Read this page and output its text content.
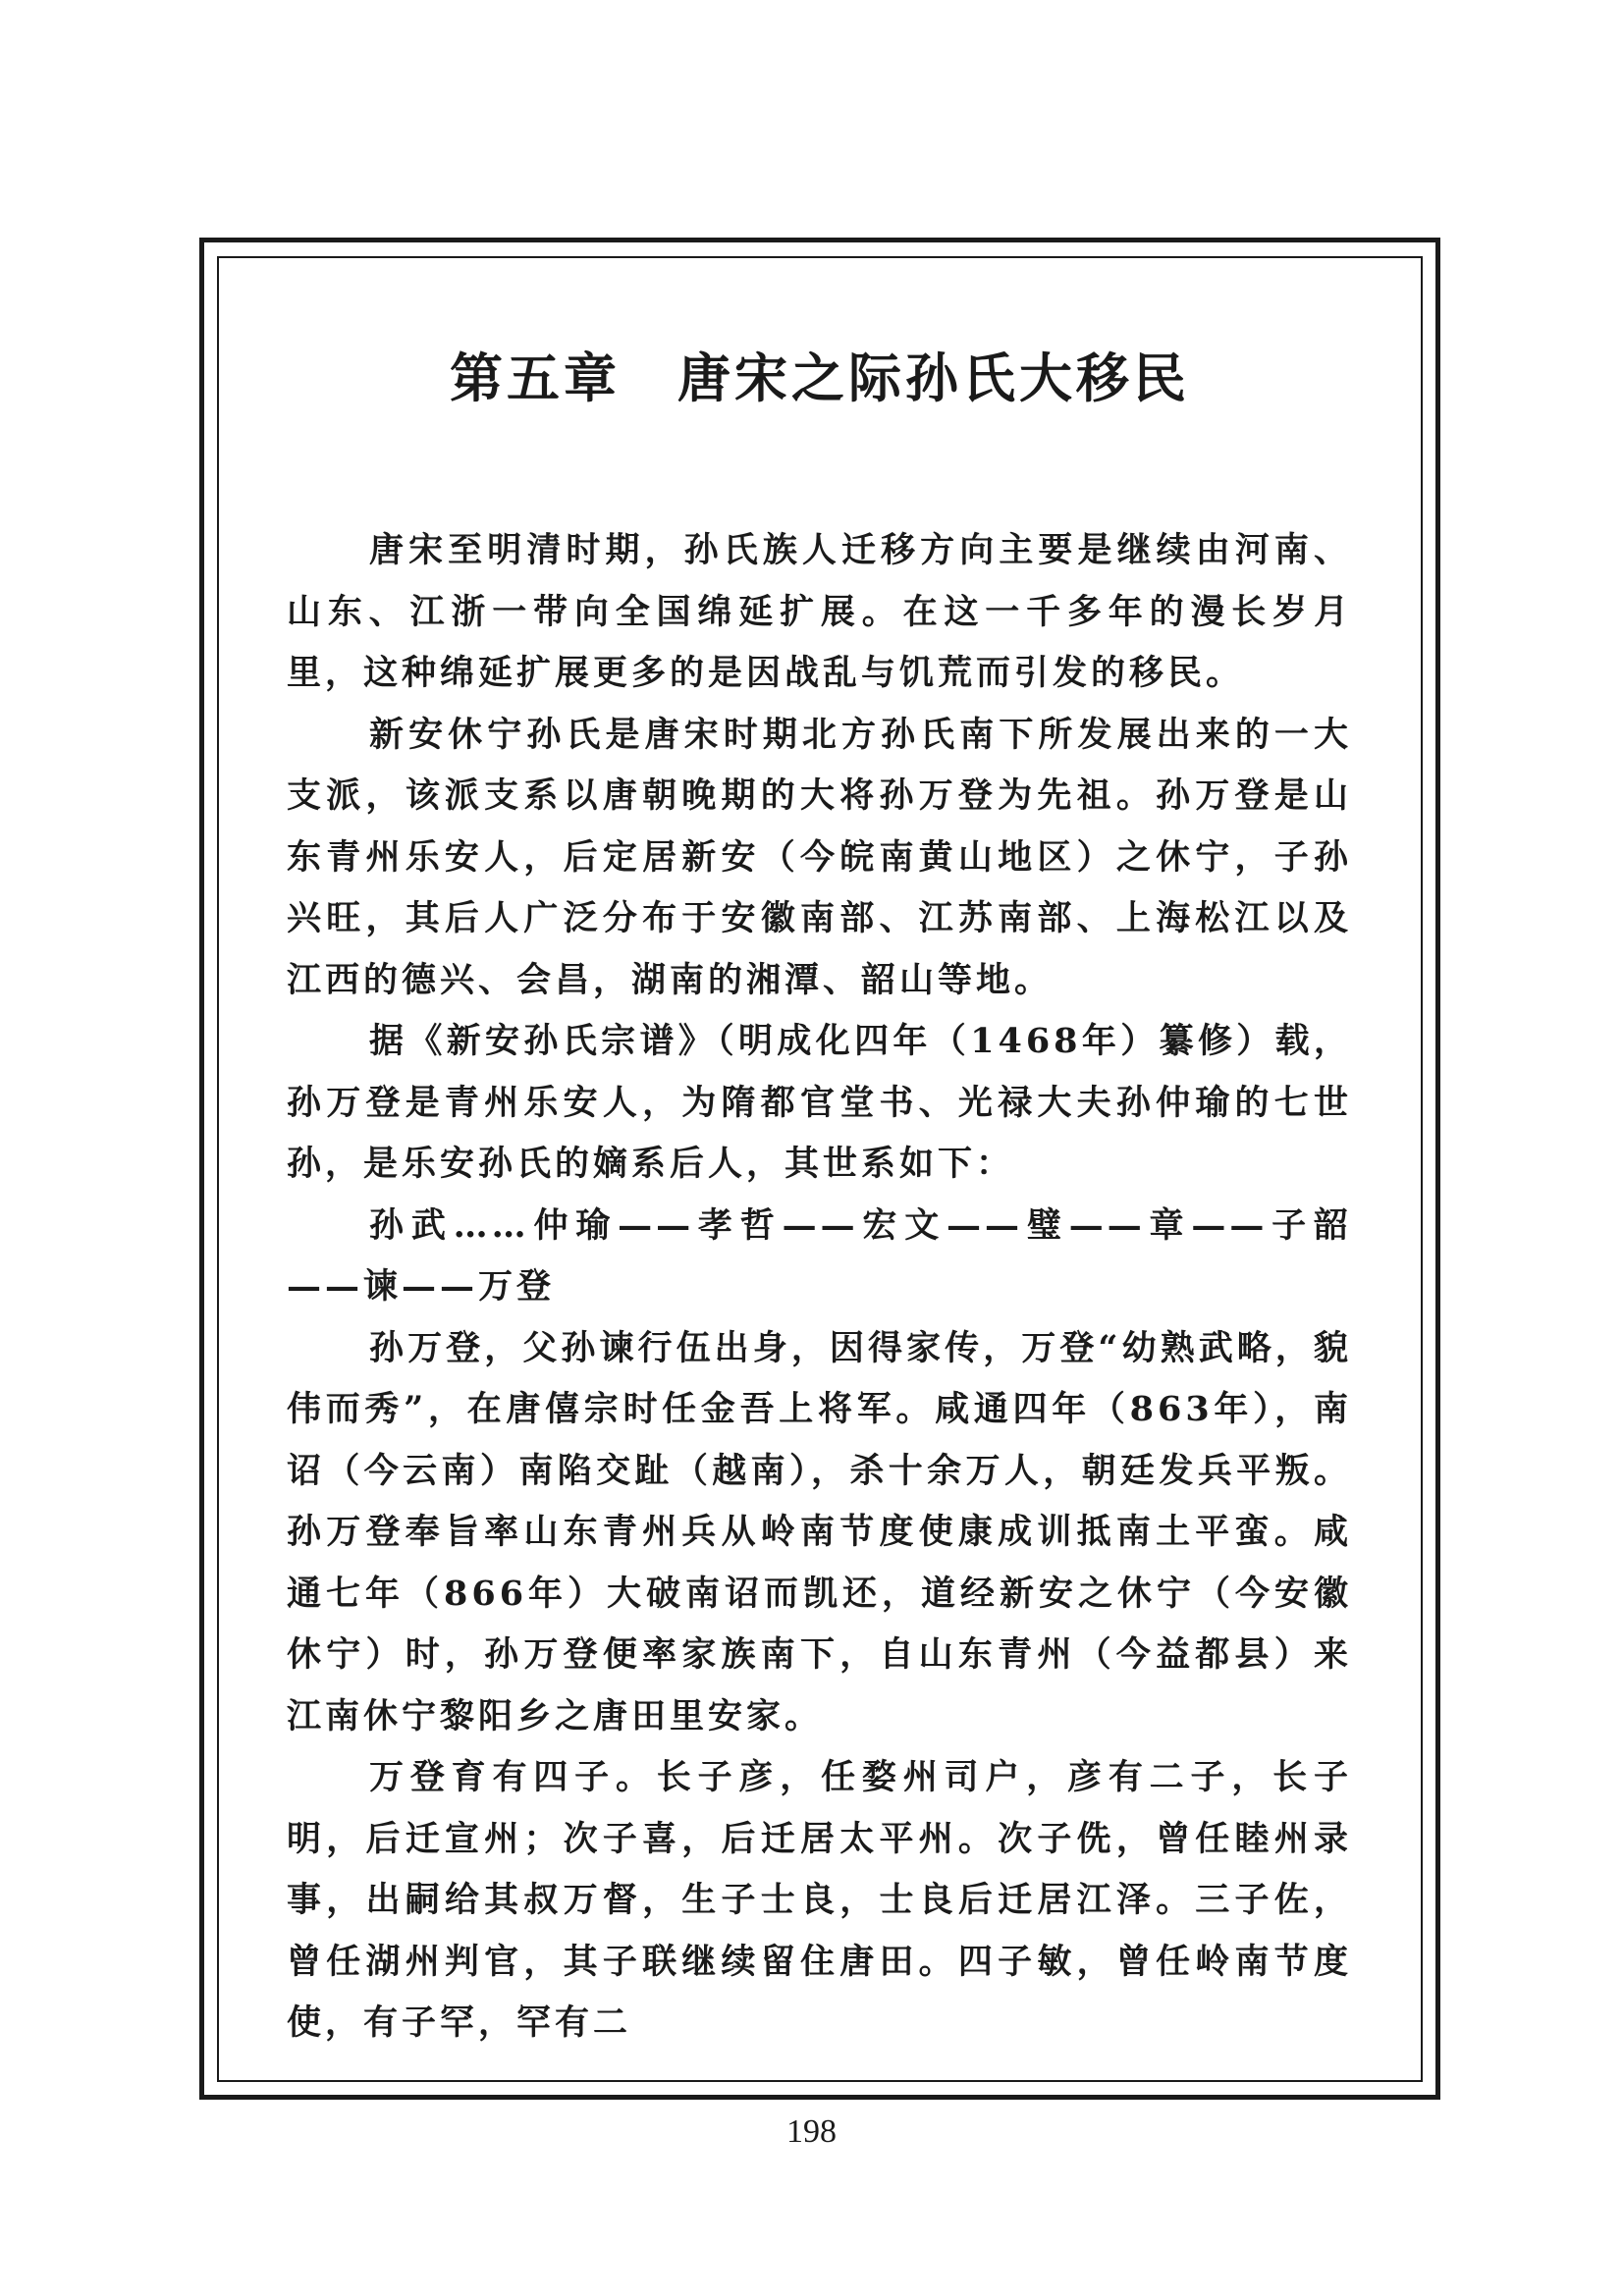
第五章　唐宋之际孙氏大移民

唐宋至明清时期，孙氏族人迁移方向主要是继续由河南、山东、江浙一带向全国绵延扩展。在这一千多年的漫长岁月里，这种绵延扩展更多的是因战乱与饥荒而引发的移民。

新安休宁孙氏是唐宋时期北方孙氏南下所发展出来的一大支派，该派支系以唐朝晚期的大将孙万登为先祖。孙万登是山东青州乐安人，后定居新安（今皖南黄山地区）之休宁，子孙兴旺，其后人广泛分布于安徽南部、江苏南部、上海松江以及江西的德兴、会昌，湖南的湘潭、韶山等地。

据《新安孙氏宗谱》（明成化四年（1468年）纂修）载，孙万登是青州乐安人，为隋都官堂书、光禄大夫孙仲瑜的七世孙，是乐安孙氏的嫡系后人，其世系如下：

孙武……仲瑜——孝哲——宏文——璧——章——子韶——谏——万登

孙万登，父孙谏行伍出身，因得家传，万登“幼熟武略，貌伟而秀”，在唐僖宗时任金吾上将军。咸通四年（863年），南诏（今云南）南陷交趾（越南），杀十余万人，朝廷发兵平叛。孙万登奉旨率山东青州兵从岭南节度使康成训抵南土平蛮。咸通七年（866年）大破南诏而凯还，道经新安之休宁（今安徽休宁）时，孙万登便率家族南下，自山东青州（今益都县）来江南休宁黎阳乡之唐田里安家。

万登育有四子。长子彦，任婺州司户，彦有二子，长子明，后迁宣州；次子喜，后迁居太平州。次子侁，曾任睦州录事，出嗣给其叔万督，生子士良，士良后迁居江泽。三子佐，曾任湖州判官，其子联继续留住唐田。四子敏，曾任岭南节度使，有子罕，罕有二

198
